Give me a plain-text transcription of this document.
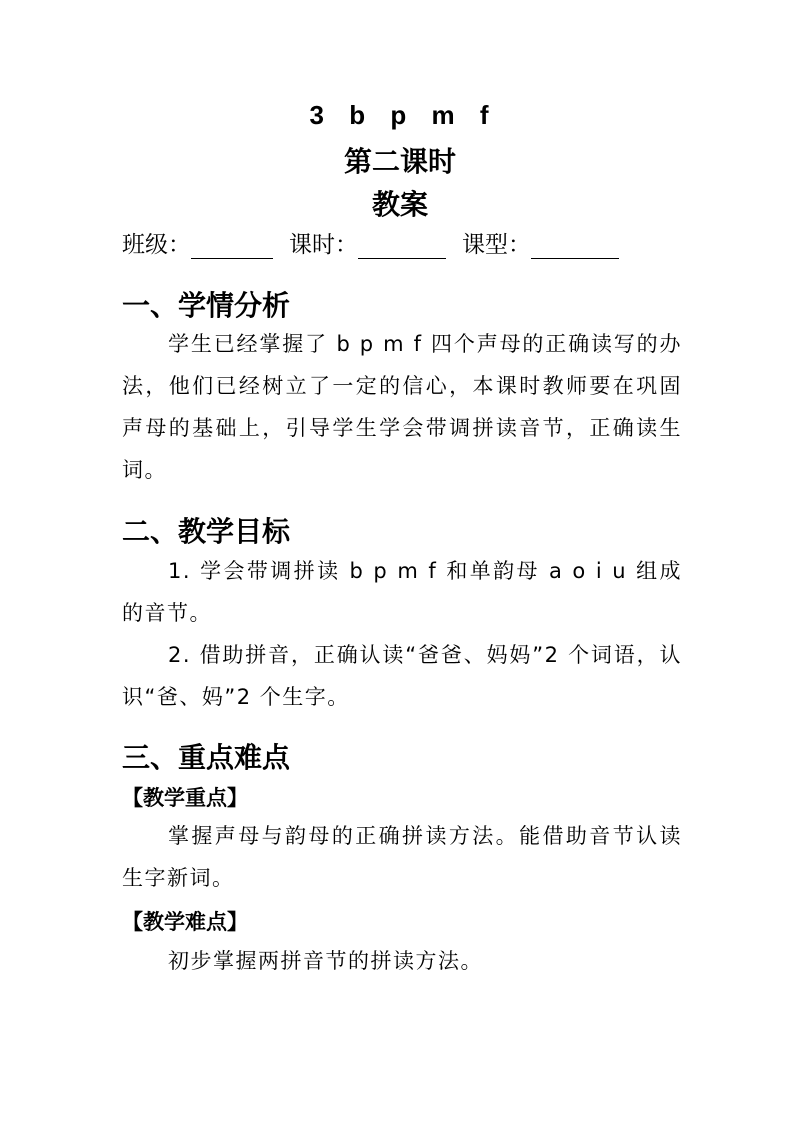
3 b p m f
第二课时
教案
班级：	课时：	课型：
一、学情分析
学生已经掌握了 b p m f 四个声母的正确读写的办法，他们已经树立了一定的信心，本课时教师要在巩固声母的基础上，引导学生学会带调拼读音节，正确读生词。
二、教学目标
1. 学会带调拼读 b p m f 和单韵母 a o i u 组成的音节。
2. 借助拼音，正确认读“爸爸、妈妈”2 个词语，认识“爸、妈”2 个生字。
三、重点难点
【教学重点】
掌握声母与韵母的正确拼读方法。能借助音节认读生字新词。
【教学难点】
初步掌握两拼音节的拼读方法。
